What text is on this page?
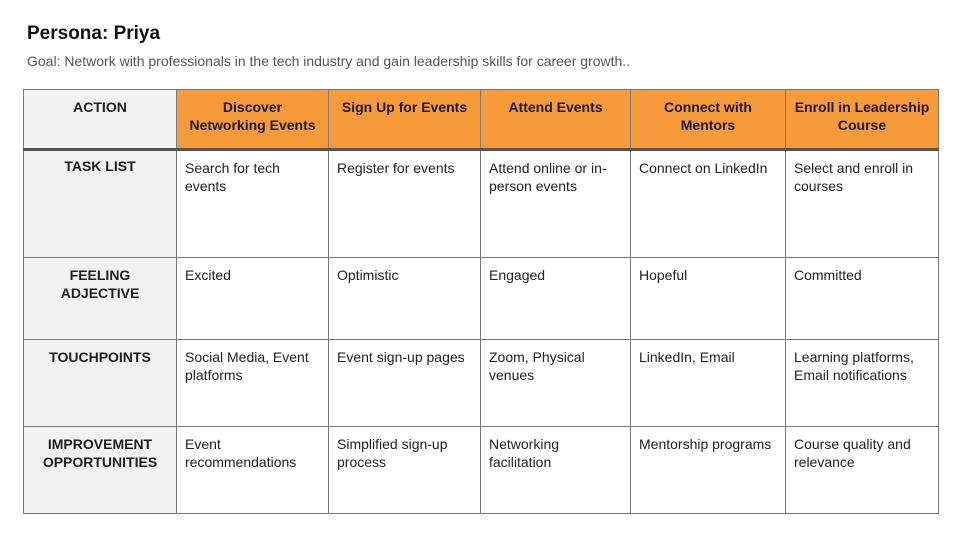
Persona: Priya
Goal: Network with professionals in the tech industry and gain leadership skills for career growth..
ACTION	Discover Networking Events	Sign Up for Events	Attend Events	Connect with Mentors	Enroll in Leadership Course
TASK LIST	Search for tech events	Register for events	Attend online or in-person events	Connect on LinkedIn	Select and enroll in courses
FEELING ADJECTIVE	Excited	Optimistic	Engaged	Hopeful	Committed
TOUCHPOINTS	Social Media, Event platforms	Event sign-up pages	Zoom, Physical venues	LinkedIn, Email	Learning platforms, Email notifications
IMPROVEMENT OPPORTUNITIES	Event recommendations	Simplified sign-up process	Networking facilitation	Mentorship programs	Course quality and relevance
